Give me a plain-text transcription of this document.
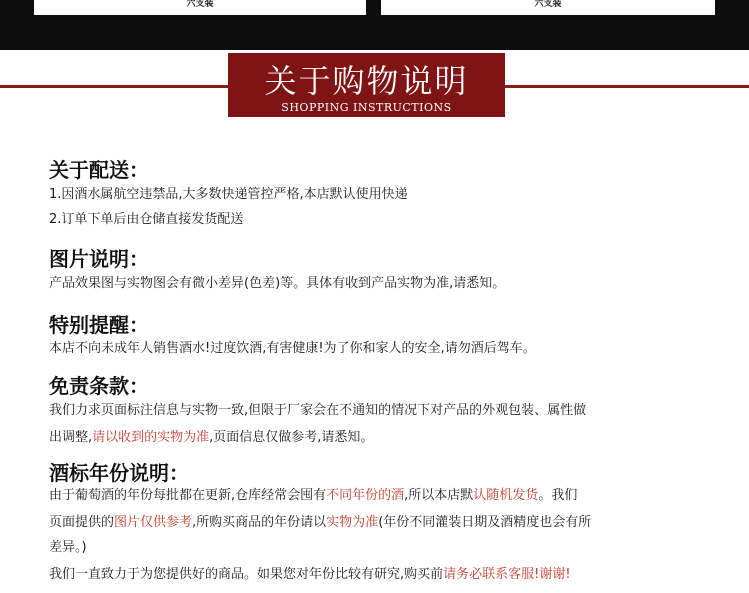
六支装	六支装
关于购物说明
SHOPPING INSTRUCTIONS
关于配送：
1.因酒水属航空违禁品,大多数快递管控严格,本店默认使用快递
2.订单下单后由仓储直接发货配送
图片说明：
产品效果图与实物图会有微小差异(色差)等。具体有收到产品实物为准,请悉知。
特别提醒：
本店不向未成年人销售酒水!过度饮酒,有害健康!为了你和家人的安全,请勿酒后驾车。
免责条款：
我们力求页面标注信息与实物一致,但限于厂家会在不通知的情况下对产品的外观包装、属性做
出调整,请以收到的实物为准,页面信息仅做参考,请悉知。
酒标年份说明：
由于葡萄酒的年份每批都在更新,仓库经常会囤有不同年份的酒,所以本店默认随机发货。我们
页面提供的图片仅供参考,所购买商品的年份请以实物为准(年份不同灌装日期及酒精度也会有所
差异。)
我们一直致力于为您提供好的商品。如果您对年份比较有研究,购买前请务必联系客服!谢谢!
